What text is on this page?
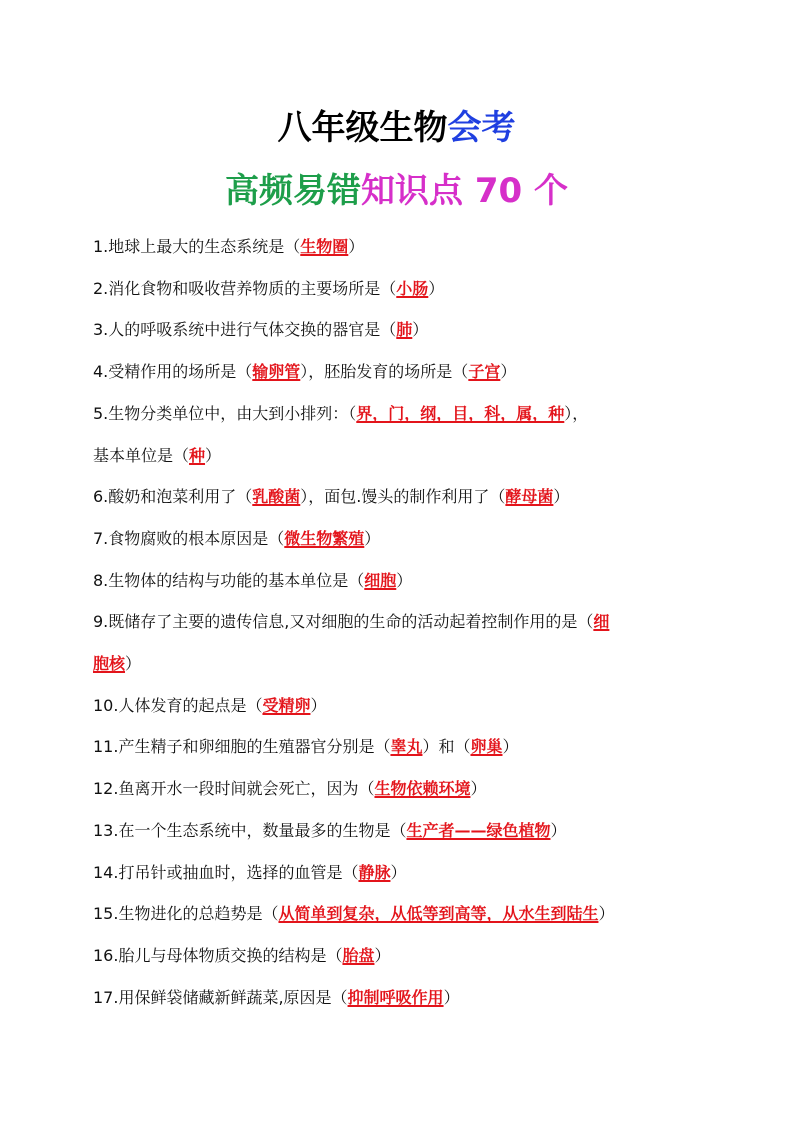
八年级生物会考
高频易错知识点 70 个
1.地球上最大的生态系统是（生物圈）
2.消化食物和吸收营养物质的主要场所是（小肠）
3.人的呼吸系统中进行气体交换的器官是（肺）
4.受精作用的场所是（输卵管），胚胎发育的场所是（子宫）
5.生物分类单位中，由大到小排列：（界，门，纲，目，科，属，种），
基本单位是（种）
6.酸奶和泡菜利用了（乳酸菌），面包.馒头的制作利用了（酵母菌）
7.食物腐败的根本原因是（微生物繁殖）
8.生物体的结构与功能的基本单位是（细胞）
9.既储存了主要的遗传信息,又对细胞的生命的活动起着控制作用的是（细
胞核）
10.人体发育的起点是（受精卵）
11.产生精子和卵细胞的生殖器官分别是（睾丸）和（卵巢）
12.鱼离开水一段时间就会死亡，因为（生物依赖环境）
13.在一个生态系统中，数量最多的生物是（生产者——绿色植物）
14.打吊针或抽血时，选择的血管是（静脉）
15.生物进化的总趋势是（从简单到复杂，从低等到高等，从水生到陆生）
16.胎儿与母体物质交换的结构是（胎盘）
17.用保鲜袋储藏新鲜蔬菜,原因是（抑制呼吸作用）
